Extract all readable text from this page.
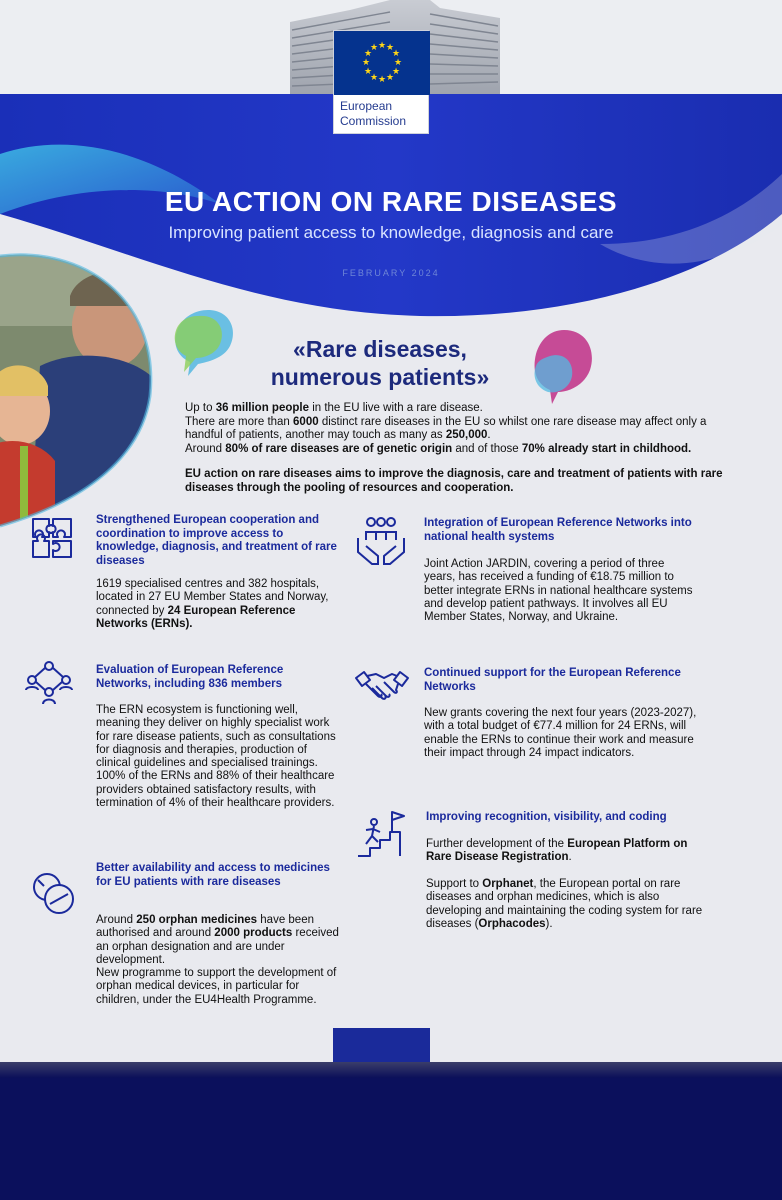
★ ★
★
★
★
★
★
★
★
★
★
★
European
Commission
EU ACTION ON RARE DISEASES
Improving patient access to knowledge, diagnosis and care
FEBRUARY 2024
«Rare diseases,
numerous patients»

Up to 36 million people in the EU live with a rare disease.

There are more than 6000 distinct rare diseases in the EU so whilst one rare disease may affect only a handful of patients, another may touch as many as 250,000.

Around 80% of rare diseases are of genetic origin and of those 70% already start in childhood.

EU action on rare diseases aims to improve the diagnosis, care and treatment of patients with rare diseases through the pooling of resources and cooperation.

Strengthened European cooperation and coordination to improve access to knowledge, diagnosis, and treatment of rare diseases
1619 specialised centres and 382 hospitals, located in 27 EU Member States and Norway, connected by 24 European Reference Networks (ERNs).
Evaluation of European Reference Networks, including 836 members
The ERN ecosystem is functioning well, meaning they deliver on highly specialist work for rare disease patients, such as consultations for diagnosis and therapies, production of clinical guidelines and specialised trainings. 100% of the ERNs and 88% of their healthcare providers obtained satisfactory results, with termination of 4% of their healthcare providers.
Better availability and access to medicines for EU patients with rare diseases
Around 250 orphan medicines have been authorised and around 2000 products received an orphan designation and are under development.
New programme to support the development of orphan medical devices, in particular for children, under the EU4Health Programme.
Integration of European Reference Networks into national health systems
Joint Action JARDIN, covering a period of three years, has received a funding of €18.75 million to better integrate ERNs in national healthcare systems and develop patient pathways. It involves all EU Member States, Norway, and Ukraine.
Continued support for the European Reference Networks
New grants covering the next four years (2023-2027), with a total budget of €77.4 million for 24 ERNs, will enable the ERNs to continue their work and measure their impact through 24 impact indicators.
Improving recognition, visibility, and coding
Further development of the European Platform on Rare Disease Registration.
Support to Orphanet, the European portal on rare diseases and orphan medicines, which is also developing and maintaining the coding system for rare diseases (Orphacodes).
